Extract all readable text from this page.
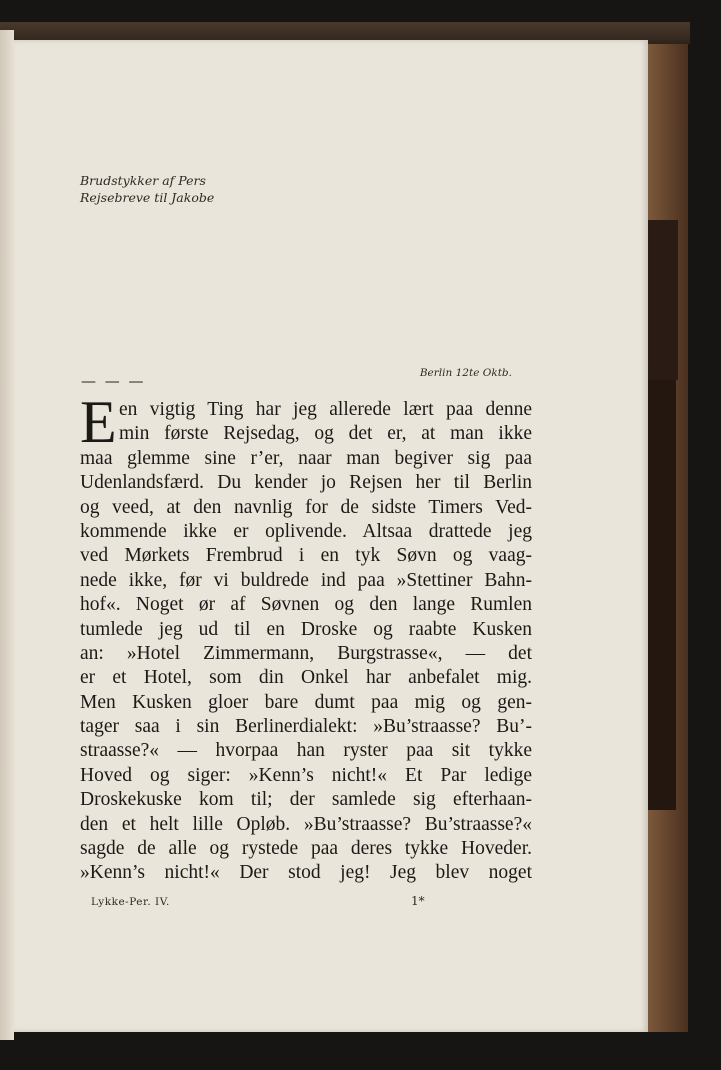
Brudstykker af Pers
Rejsebreve til Jakobe
— — —	Berlin 12te Oktb.
E en vigtig Ting har jeg allerede lært paa denne
min første Rejsedag, og det er, at man ikke
maa glemme sine r’er, naar man begiver sig paa
Udenlandsfærd. Du kender jo Rejsen her til Berlin
og veed, at den navnlig for de sidste Timers Ved-
kommende ikke er oplivende. Altsaa drattede jeg
ved Mørkets Frembrud i en tyk Søvn og vaag-
nede ikke, før vi buldrede ind paa »Stettiner Bahn-
hof«. Noget ør af Søvnen og den lange Rumlen
tumlede jeg ud til en Droske og raabte Kusken
an: »Hotel Zimmermann, Burgstrasse«, — det
er et Hotel, som din Onkel har anbefalet mig.
Men Kusken gloer bare dumt paa mig og gen-
tager saa i sin Berlinerdialekt: »Bu’straasse? Bu’-
straasse?« — hvorpaa han ryster paa sit tykke
Hoved og siger: »Kenn’s nicht!« Et Par ledige
Droskekuske kom til; der samlede sig efterhaan-
den et helt lille Opløb. »Bu’straasse? Bu’straasse?«
sagde de alle og rystede paa deres tykke Hoveder.
»Kenn’s nicht!« Der stod jeg! Jeg blev noget
Lykke-Per. IV.	1*
